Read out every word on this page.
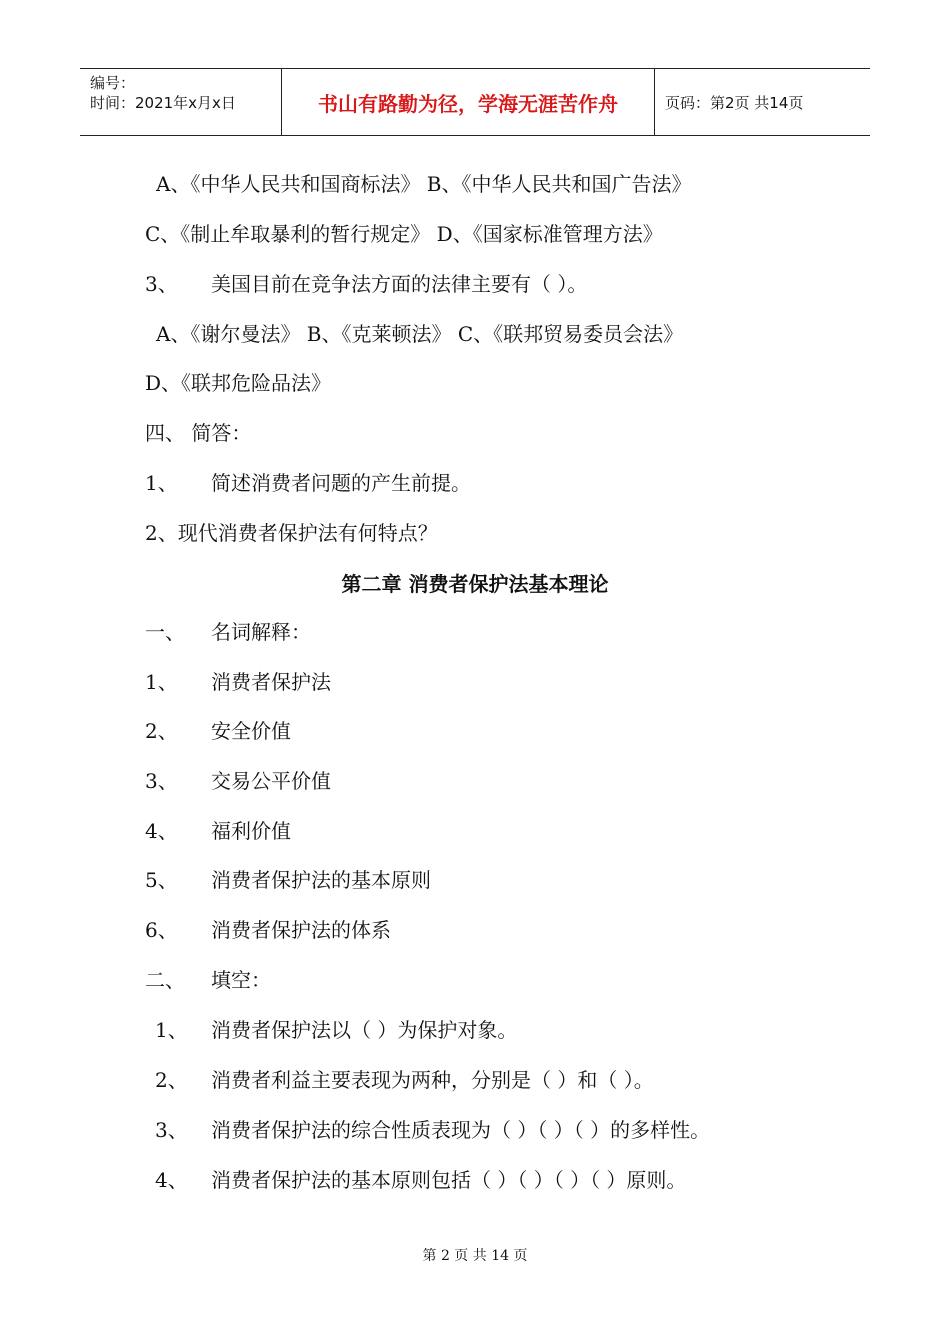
编号：
时间：2021年x月x日	书山有路勤为径，学海无涯苦作舟	页码：第2页 共14页
A、《中华人民共和国商标法》 B、《中华人民共和国广告法》
C、《制止牟取暴利的暂行规定》 D、《国家标准管理方法》
3、 美国目前在竞争法方面的法律主要有（ ）。
A、《谢尔曼法》 B、《克莱顿法》 C、《联邦贸易委员会法》
D、《联邦危险品法》
四、 简答：
1、 简述消费者问题的产生前提。
2、现代消费者保护法有何特点？
第二章 消费者保护法基本理论
一、 名词解释：
1、 消费者保护法
2、 安全价值
3、 交易公平价值
4、 福利价值
5、 消费者保护法的基本原则
6、 消费者保护法的体系
二、 填空：
1、 消费者保护法以（ ）为保护对象。
2、 消费者利益主要表现为两种，分别是（ ）和（ ）。
3、 消费者保护法的综合性质表现为（ ）（ ）（ ）的多样性。
4、 消费者保护法的基本原则包括（ ）（ ）（ ）（ ）原则。
第 2 页 共 14 页
